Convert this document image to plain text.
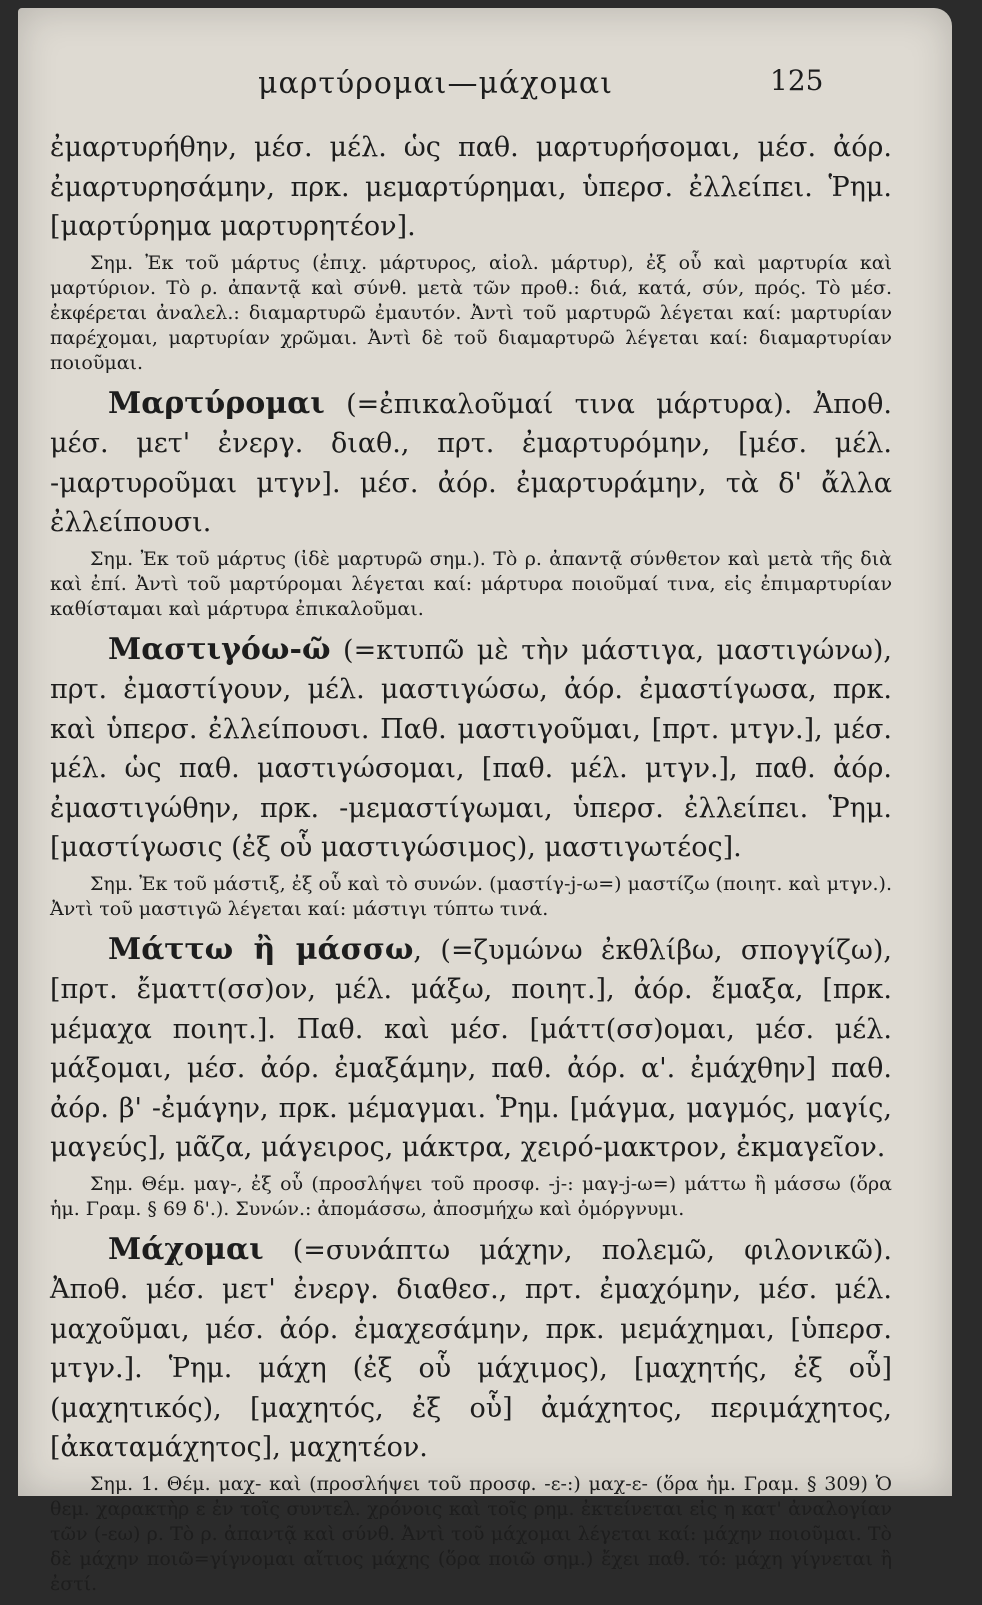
μαρτύρομαι—μάχομαι	125

ἐμαρτυρήθην, μέσ. μέλ. ὡς παθ. μαρτυρήσομαι, μέσ. ἀόρ. ἐμαρτυρησάμην, πρκ. μεμαρτύρημαι, ὑπερσ. ἐλλείπει. Ῥημ. [μαρτύρημα μαρτυρητέον].

Σημ. Ἐκ τοῦ μάρτυς (ἐπιχ. μάρτυρος, αἰολ. μάρτυρ), ἐξ οὗ καὶ μαρτυρία καὶ μαρτύριον. Τὸ ρ. ἀπαντᾷ καὶ σύνθ. μετὰ τῶν προθ.: διά, κατά, σύν, πρός. Τὸ μέσ. ἐκφέρεται ἀναλελ.: διαμαρτυρῶ ἐμαυτόν. Ἀντὶ τοῦ μαρτυρῶ λέγεται καί: μαρτυρίαν παρέχομαι, μαρτυρίαν χρῶμαι. Ἀντὶ δὲ τοῦ διαμαρτυρῶ λέγεται καί: διαμαρτυρίαν ποιοῦμαι.

Μαρτύρομαι (=ἐπικαλοῦμαί τινα μάρτυρα). Ἀποθ. μέσ. μετ' ἐνεργ. διαθ., πρτ. ἐμαρτυρόμην, [μέσ. μέλ. -μαρτυροῦμαι μτγν]. μέσ. ἀόρ. ἐμαρτυράμην, τὰ δ' ἄλλα ἐλλείπουσι.

Σημ. Ἐκ τοῦ μάρτυς (ἰδὲ μαρτυρῶ σημ.). Τὸ ρ. ἀπαντᾷ σύνθετον καὶ μετὰ τῆς διὰ καὶ ἐπί. Ἀντὶ τοῦ μαρτύρομαι λέγεται καί: μάρτυρα ποιοῦμαί τινα, εἰς ἐπιμαρτυρίαν καθίσταμαι καὶ μάρτυρα ἐπικαλοῦμαι.

Μαστιγόω-ῶ (=κτυπῶ μὲ τὴν μάστιγα, μαστιγώνω), πρτ. ἐμαστίγουν, μέλ. μαστιγώσω, ἀόρ. ἐμαστίγωσα, πρκ. καὶ ὑπερσ. ἐλλείπουσι. Παθ. μαστιγοῦμαι, [πρτ. μτγν.], μέσ. μέλ. ὡς παθ. μαστιγώσομαι, [παθ. μέλ. μτγν.], παθ. ἀόρ. ἐμαστιγώθην, πρκ. -μεμαστίγωμαι, ὑπερσ. ἐλλείπει. Ῥημ. [μαστίγωσις (ἐξ οὗ μαστιγώσιμος), μαστιγωτέος].

Σημ. Ἐκ τοῦ μάστιξ, ἐξ οὗ καὶ τὸ συνών. (μαστίγ-j-ω=) μαστίζω (ποιητ. καὶ μτγν.). Ἀντὶ τοῦ μαστιγῶ λέγεται καί: μάστιγι τύπτω τινά.

Μάττω ἢ μάσσω, (=ζυμώνω ἐκθλίβω, σπογγίζω), [πρτ. ἔματτ(σσ)ον, μέλ. μάξω, ποιητ.], ἀόρ. ἔμαξα, [πρκ. μέμαχα ποιητ.]. Παθ. καὶ μέσ. [μάττ(σσ)ομαι, μέσ. μέλ. μάξομαι, μέσ. ἀόρ. ἐμαξάμην, παθ. ἀόρ. α'. ἐμάχθην] παθ. ἀόρ. β' -ἐμάγην, πρκ. μέμαγμαι. Ῥημ. [μάγμα, μαγμός, μαγίς, μαγεύς], μᾶζα, μάγειρος, μάκτρα, χειρό-μακτρον, ἐκμαγεῖον.

Σημ. Θέμ. μαγ-, ἐξ οὗ (προσλήψει τοῦ προσφ. -j-: μαγ-j-ω=) μάττω ἢ μάσσω (ὅρα ἡμ. Γραμ. § 69 δ'.). Συνών.: ἀπομάσσω, ἀποσμήχω καὶ ὀμόργνυμι.

Μάχομαι (=συνάπτω μάχην, πολεμῶ, φιλονικῶ). Ἀποθ. μέσ. μετ' ἐνεργ. διαθεσ., πρτ. ἐμαχόμην, μέσ. μέλ. μαχοῦμαι, μέσ. ἀόρ. ἐμαχεσάμην, πρκ. μεμάχημαι, [ὑπερσ. μτγν.]. Ῥημ. μάχη (ἐξ οὗ μάχιμος), [μαχητής, ἐξ οὗ] (μαχητικός), [μαχητός, ἐξ οὗ] ἀμάχητος, περιμάχητος, [ἀκαταμάχητος], μαχητέον.

Σημ. 1. Θέμ. μαχ- καὶ (προσλήψει τοῦ προσφ. -ε-:) μαχ-ε- (ὅρα ἡμ. Γραμ. § 309) Ὁ θεμ. χαρακτὴρ ε ἐν τοῖς συντελ. χρόνοις καὶ τοῖς ρημ. ἐκτείνεται εἰς η κατ' ἀναλογίαν τῶν (-εω) ρ. Τὸ ρ. ἀπαντᾷ καὶ σύνθ. Ἀντὶ τοῦ μάχομαι λέγεται καί: μάχην ποιοῦμαι. Τὸ δὲ μάχην ποιῶ=γίγνομαι αἴτιος μάχης (ὅρα ποιῶ σημ.) ἔχει παθ. τό: μάχη γίγνεται ἢ ἐστί.
